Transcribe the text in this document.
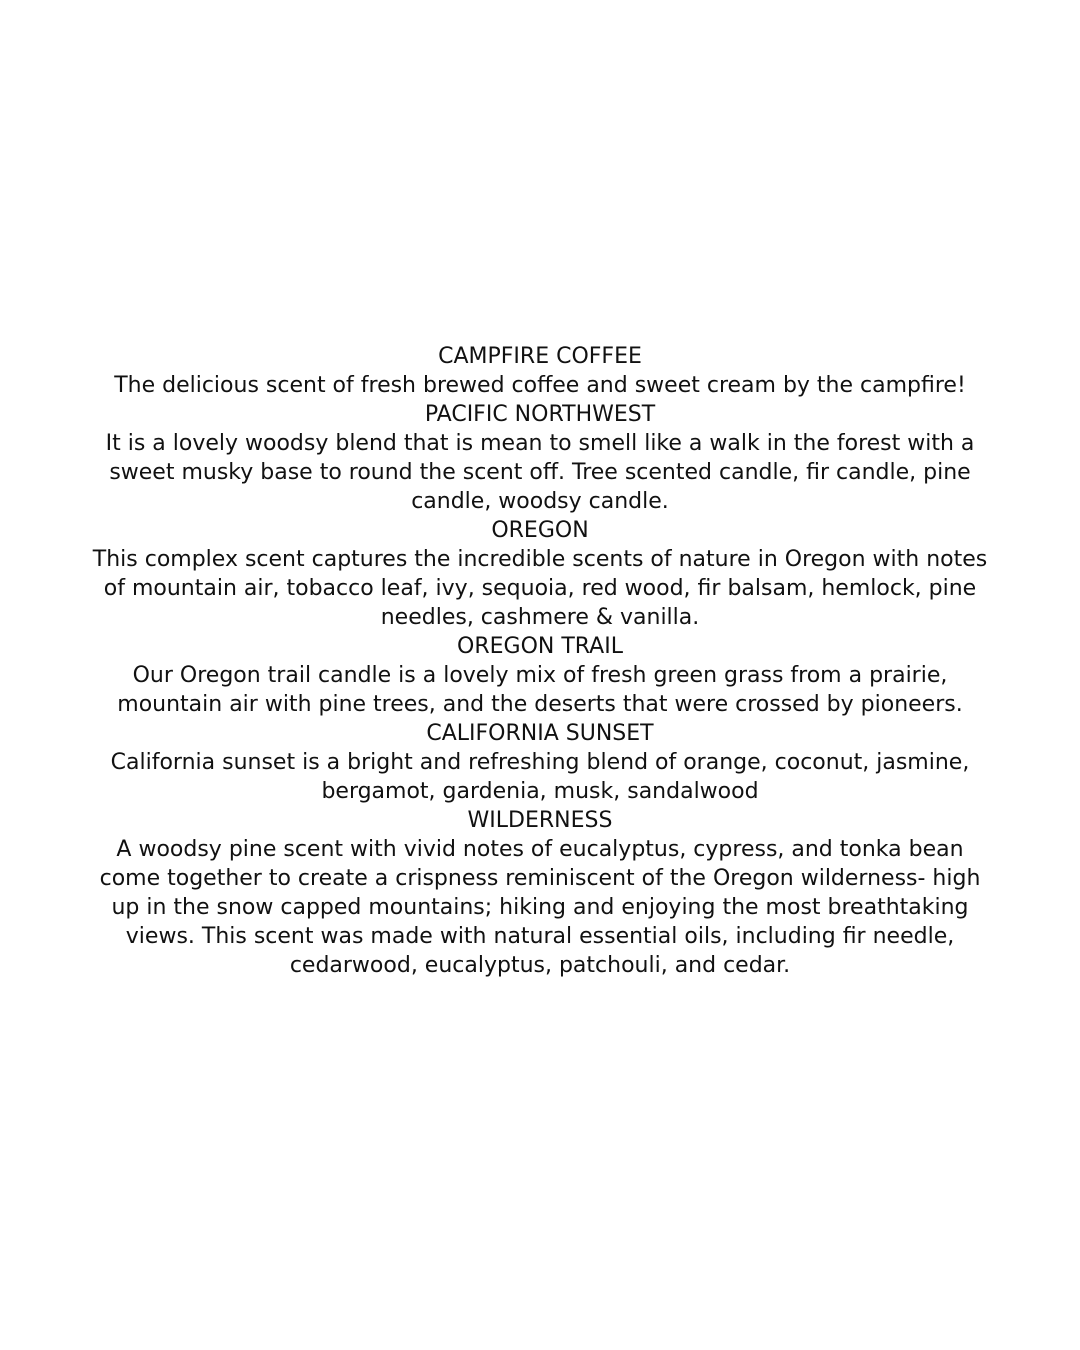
CAMPFIRE COFFEE

The delicious scent of fresh brewed coffee and sweet cream by the campfire!

PACIFIC NORTHWEST

It is a lovely woodsy blend that is mean to smell like a walk in the forest with a sweet musky base to round the scent off. Tree scented candle, fir candle, pine candle, woodsy candle.

OREGON

This complex scent captures the incredible scents of nature in Oregon with notes of mountain air, tobacco leaf, ivy, sequoia, red wood, fir balsam, hemlock, pine needles, cashmere & vanilla.

OREGON TRAIL

Our Oregon trail candle is a lovely mix of fresh green grass from a prairie, mountain air with pine trees, and the deserts that were crossed by pioneers.

CALIFORNIA SUNSET

California sunset is a bright and refreshing blend of orange, coconut, jasmine, bergamot, gardenia, musk, sandalwood

WILDERNESS

A woodsy pine scent with vivid notes of eucalyptus, cypress, and tonka bean come together to create a crispness reminiscent of the Oregon wilderness- high up in the snow capped mountains; hiking and enjoying the most breathtaking views. This scent was made with natural essential oils, including fir needle, cedarwood, eucalyptus, patchouli, and cedar.
